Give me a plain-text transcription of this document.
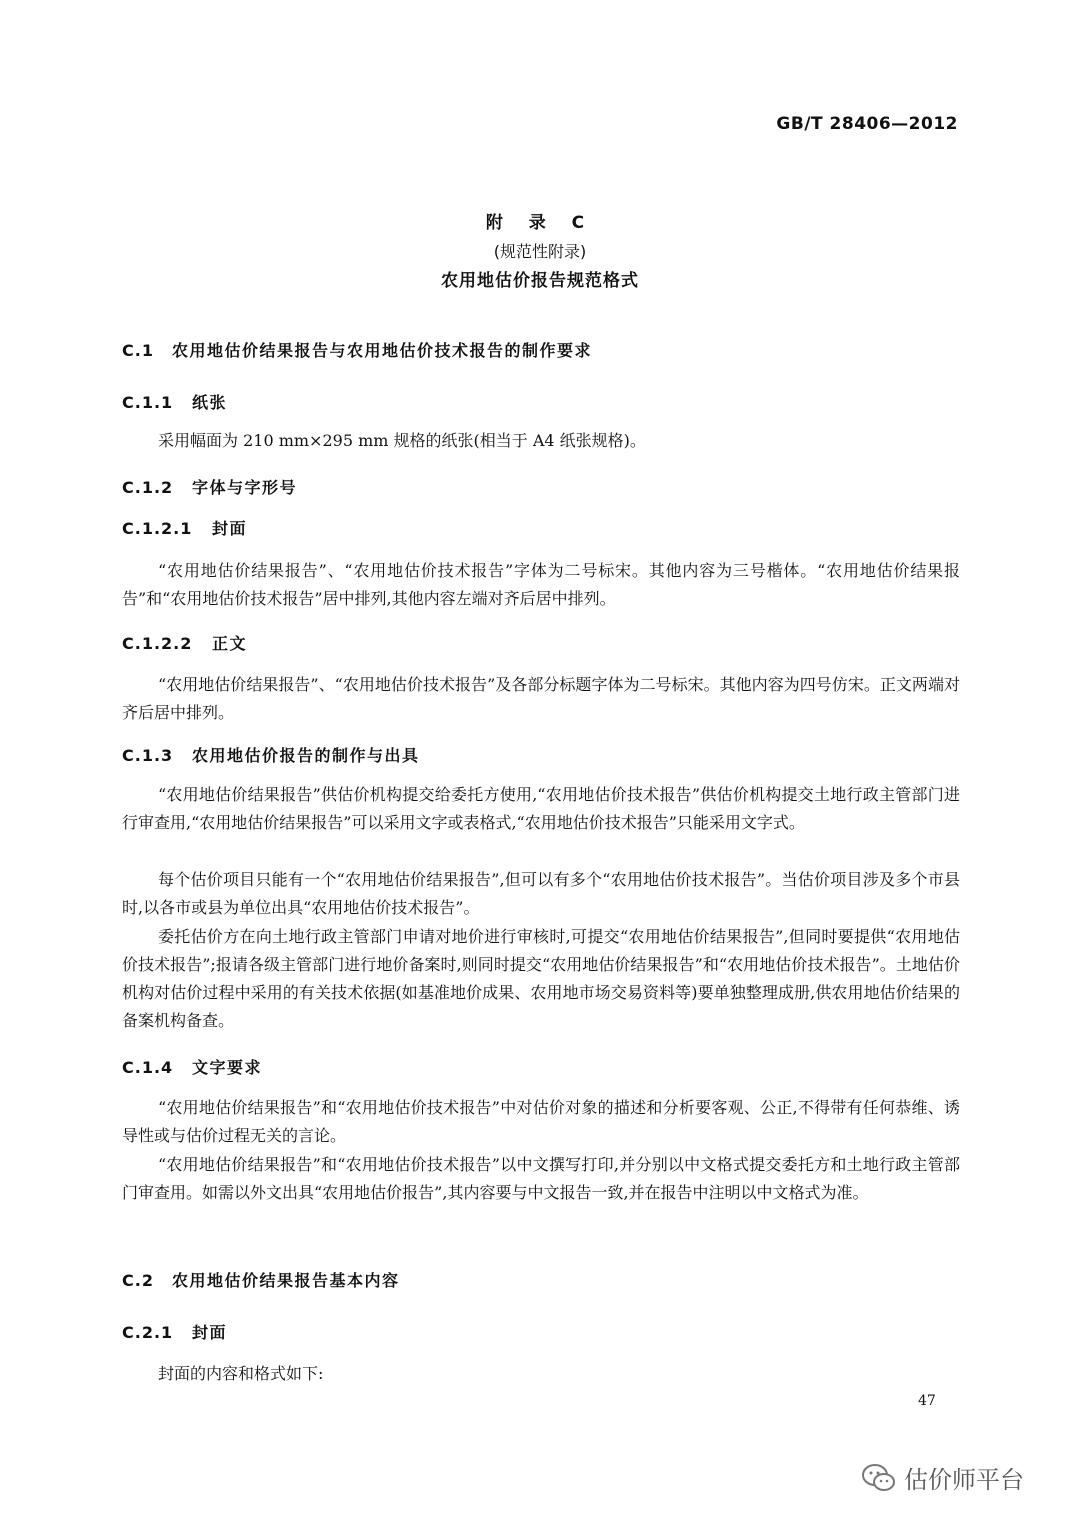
GB/T 28406—2012
附 录 C
(规范性附录)
农用地估价报告规范格式
C.1 农用地估价结果报告与农用地估价技术报告的制作要求
C.1.1 纸张

采用幅面为 210 mm×295 mm 规格的纸张(相当于 A4 纸张规格)。

C.1.2 字体与字形号
C.1.2.1 封面

“农用地估价结果报告”、“农用地估价技术报告”字体为二号标宋。其他内容为三号楷体。“农用地估价结果报告”和“农用地估价技术报告”居中排列,其他内容左端对齐后居中排列。

C.1.2.2 正文

“农用地估价结果报告”、“农用地估价技术报告”及各部分标题字体为二号标宋。其他内容为四号仿宋。正文两端对齐后居中排列。

C.1.3 农用地估价报告的制作与出具

“农用地估价结果报告”供估价机构提交给委托方使用,“农用地估价技术报告”供估价机构提交土地行政主管部门进行审查用,“农用地估价结果报告”可以采用文字或表格式,“农用地估价技术报告”只能采用文字式。

每个估价项目只能有一个“农用地估价结果报告”,但可以有多个“农用地估价技术报告”。当估价项目涉及多个市县时,以各市或县为单位出具“农用地估价技术报告”。

委托估价方在向土地行政主管部门申请对地价进行审核时,可提交“农用地估价结果报告”,但同时要提供“农用地估价技术报告”;报请各级主管部门进行地价备案时,则同时提交“农用地估价结果报告”和“农用地估价技术报告”。土地估价机构对估价过程中采用的有关技术依据(如基准地价成果、农用地市场交易资料等)要单独整理成册,供农用地估价结果的备案机构备查。

C.1.4 文字要求

“农用地估价结果报告”和“农用地估价技术报告”中对估价对象的描述和分析要客观、公正,不得带有任何恭维、诱导性或与估价过程无关的言论。

“农用地估价结果报告”和“农用地估价技术报告”以中文撰写打印,并分别以中文格式提交委托方和土地行政主管部门审查用。如需以外文出具“农用地估价报告”,其内容要与中文报告一致,并在报告中注明以中文格式为准。

C.2 农用地估价结果报告基本内容
C.2.1 封面

封面的内容和格式如下:

47
估价师平台
